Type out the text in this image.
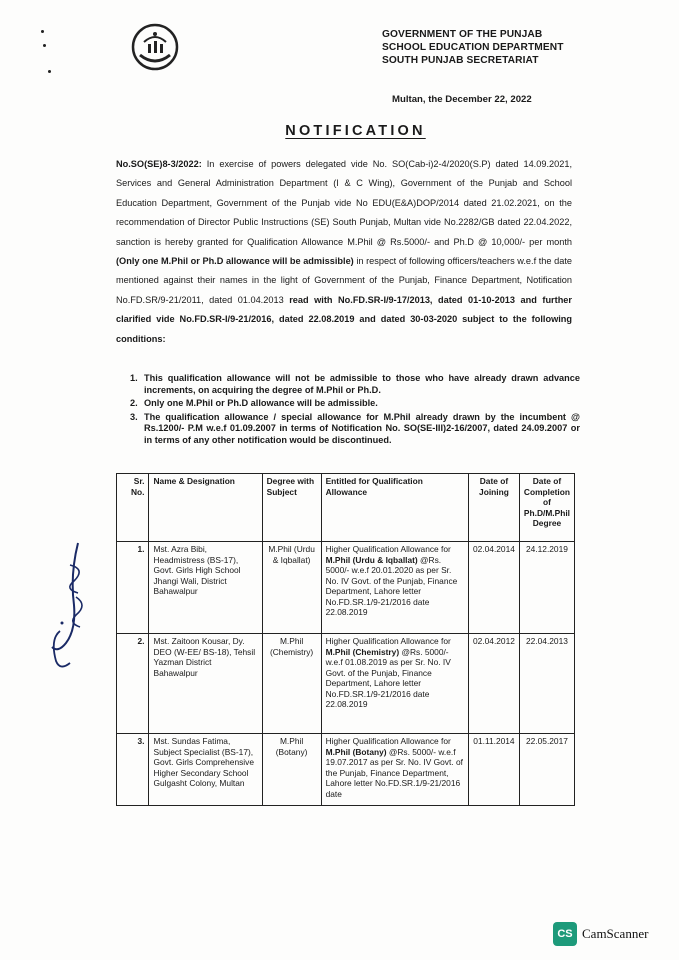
GOVERNMENT OF THE PUNJAB
SCHOOL EDUCATION DEPARTMENT
SOUTH PUNJAB SECRETARIAT
Multan, the December 22, 2022
NOTIFICATION
No.SO(SE)8-3/2022: In exercise of powers delegated vide No. SO(Cab-i)2-4/2020(S.P) dated 14.09.2021, Services and General Administration Department (I & C Wing), Government of the Punjab and School Education Department, Government of the Punjab vide No EDU(E&A)DOP/2014 dated 21.02.2021, on the recommendation of Director Public Instructions (SE) South Punjab, Multan vide No.2282/GB dated 22.04.2022, sanction is hereby granted for Qualification Allowance M.Phil @ Rs.5000/- and Ph.D @ 10,000/- per month (Only one M.Phil or Ph.D allowance will be admissible) in respect of following officers/teachers w.e.f the date mentioned against their names in the light of Government of the Punjab, Finance Department, Notification No.FD.SR/9-21/2011, dated 01.04.2013 read with No.FD.SR-I/9-17/2013, dated 01-10-2013 and further clarified vide No.FD.SR-I/9-21/2016, dated 22.08.2019 and dated 30-03-2020 subject to the following conditions:
1. This qualification allowance will not be admissible to those who have already drawn advance increments, on acquiring the degree of M.Phil or Ph.D.
2. Only one M.Phil or Ph.D allowance will be admissible.
3. The qualification allowance / special allowance for M.Phil already drawn by the incumbent @ Rs.1200/- P.M w.e.f 01.09.2007 in terms of Notification No. SO(SE-III)2-16/2007, dated 24.09.2007 or in terms of any other notification would be discontinued.
Sr. No.	Name & Designation	Degree with Subject	Entitled for Qualification Allowance	Date of Joining	Date of Completion of Ph.D/M.Phil Degree
1.	Mst. Azra Bibi, Headmistress (BS-17), Govt. Girls High School Jhangi Wali, District Bahawalpur	M.Phil (Urdu & Iqballat)	Higher Qualification Allowance for M.Phil (Urdu & Iqballat) @Rs. 5000/- w.e.f 20.01.2020 as per Sr. No. IV Govt. of the Punjab, Finance Department, Lahore letter No.FD.SR.1/9-21/2016 date 22.08.2019	02.04.2014	24.12.2019
2.	Mst. Zaitoon Kousar, Dy. DEO (W-EE/ BS-18), Tehsil Yazman District Bahawalpur	M.Phil (Chemistry)	Higher Qualification Allowance for M.Phil (Chemistry) @Rs. 5000/- w.e.f 01.08.2019 as per Sr. No. IV Govt. of the Punjab, Finance Department, Lahore letter No.FD.SR.1/9-21/2016 date 22.08.2019	02.04.2012	22.04.2013
3.	Mst. Sundas Fatima, Subject Specialist (BS-17), Govt. Girls Comprehensive Higher Secondary School Gulgasht Colony, Multan	M.Phil (Botany)	Higher Qualification Allowance for M.Phil (Botany) @Rs. 5000/- w.e.f 19.07.2017 as per Sr. No. IV Govt. of the Punjab, Finance Department, Lahore letter No.FD.SR.1/9-21/2016 date	01.11.2014	22.05.2017
CS CamScanner
